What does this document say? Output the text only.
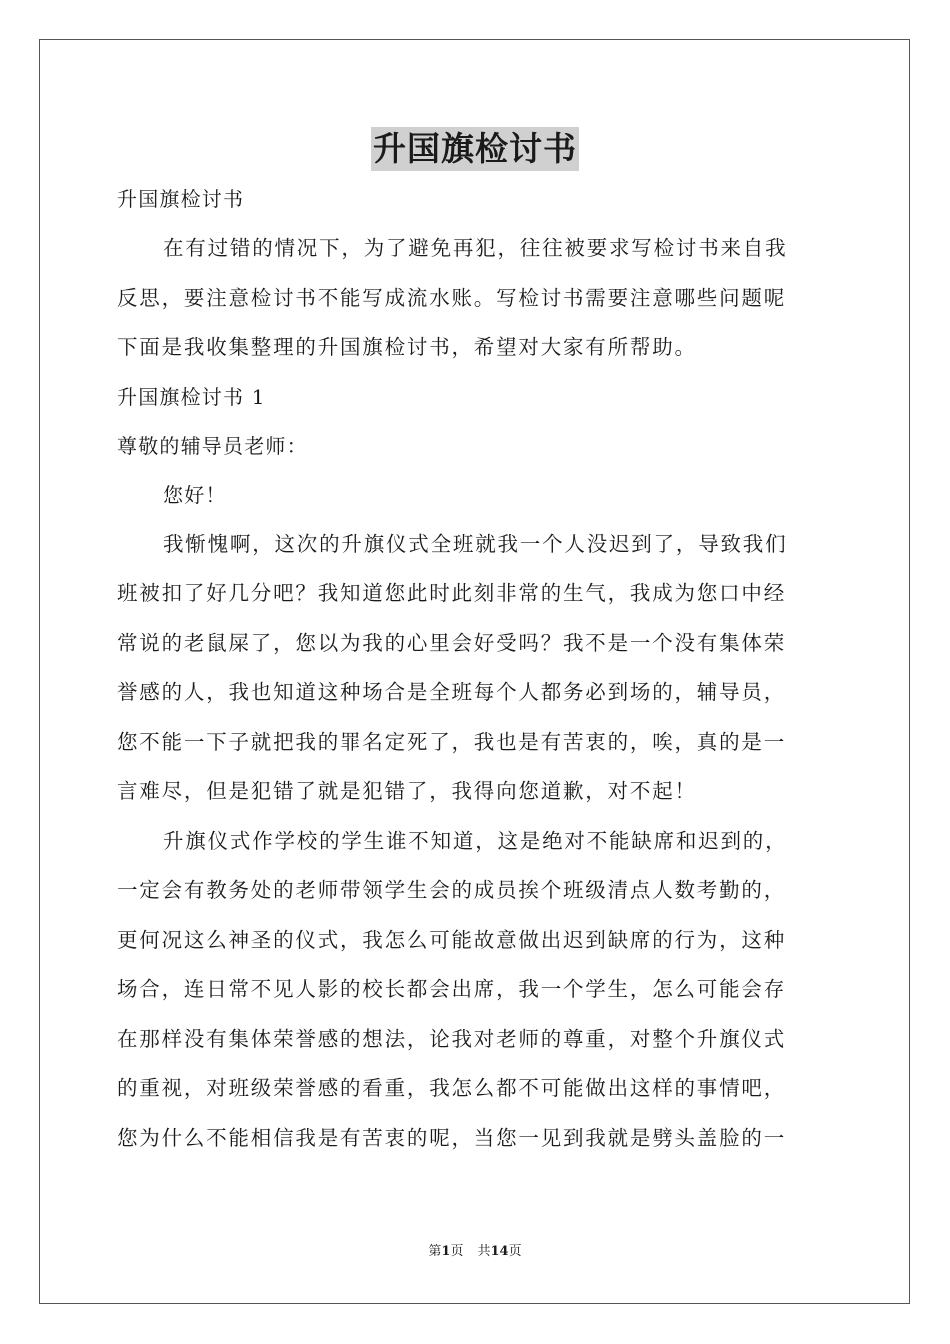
升国旗检讨书
升国旗检讨书
在有过错的情况下，为了避免再犯，往往被要求写检讨书来自我
反思，要注意检讨书不能写成流水账。写检讨书需要注意哪些问题呢
下面是我收集整理的升国旗检讨书，希望对大家有所帮助。
升国旗检讨书 1
尊敬的辅导员老师：
您好！
我惭愧啊，这次的升旗仪式全班就我一个人没迟到了，导致我们
班被扣了好几分吧？我知道您此时此刻非常的生气，我成为您口中经
常说的老鼠屎了，您以为我的心里会好受吗？我不是一个没有集体荣
誉感的人，我也知道这种场合是全班每个人都务必到场的，辅导员，
您不能一下子就把我的罪名定死了，我也是有苦衷的，唉，真的是一
言难尽，但是犯错了就是犯错了，我得向您道歉，对不起！
升旗仪式作学校的学生谁不知道，这是绝对不能缺席和迟到的，
一定会有教务处的老师带领学生会的成员挨个班级清点人数考勤的，
更何况这么神圣的仪式，我怎么可能故意做出迟到缺席的行为，这种
场合，连日常不见人影的校长都会出席，我一个学生，怎么可能会存
在那样没有集体荣誉感的想法，论我对老师的尊重，对整个升旗仪式
的重视，对班级荣誉感的看重，我怎么都不可能做出这样的事情吧，
您为什么不能相信我是有苦衷的呢，当您一见到我就是劈头盖脸的一
第1页 共14页
